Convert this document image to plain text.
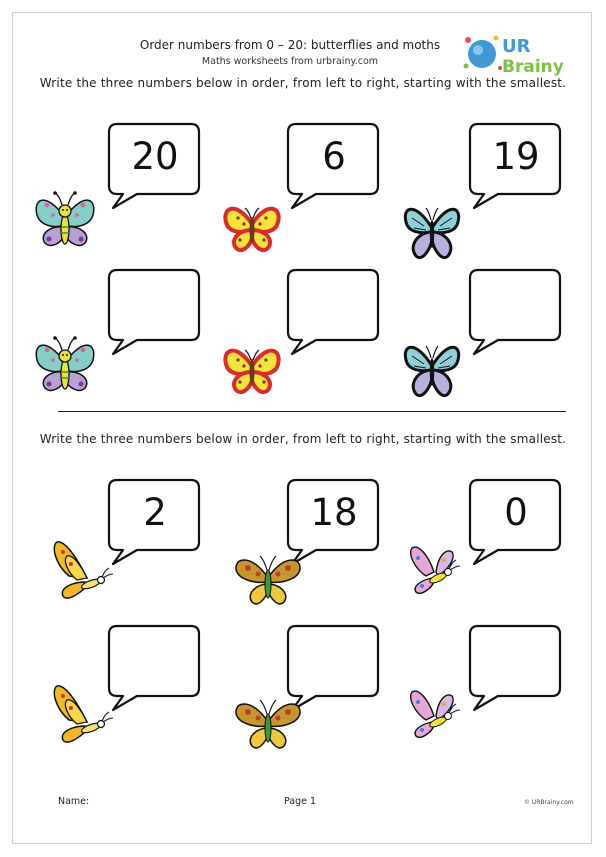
Order numbers from 0 – 20: butterflies and moths
Maths worksheets from urbrainy.com
UR
Brainy
Write the three numbers below in order, from left to right, starting with the smallest.
20	6	19
Write the three numbers below in order, from left to right, starting with the smallest.
2	18	0
Name:	Page 1	© URBrainy.com
